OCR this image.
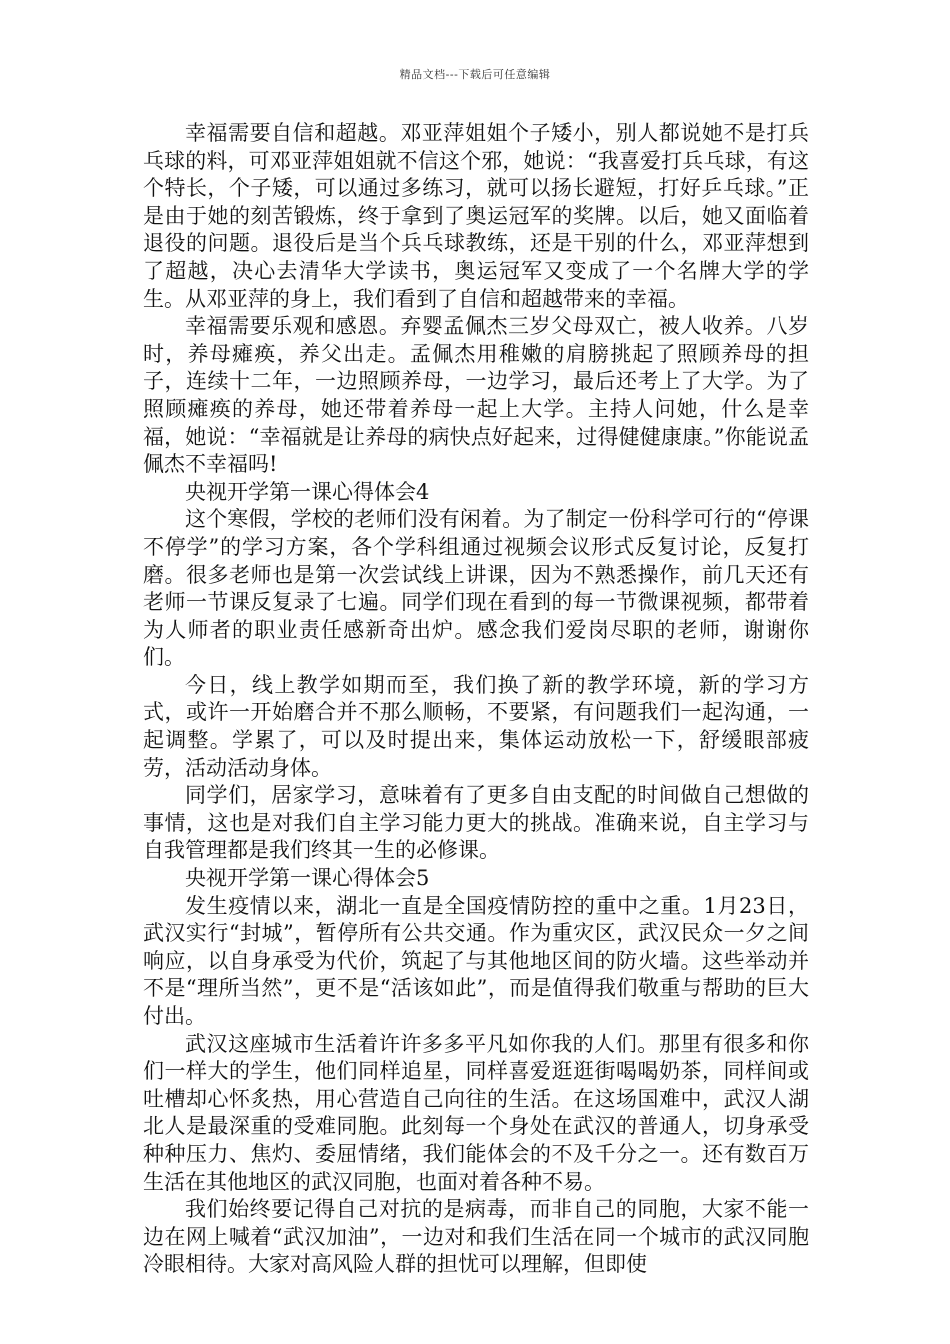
精品文档---下载后可任意编辑

幸福需要自信和超越。邓亚萍姐姐个子矮小，别人都说她不是打兵乓球的料，可邓亚萍姐姐就不信这个邪，她说：“我喜爱打兵乓球，有这个特长，个子矮，可以通过多练习，就可以扬长避短，打好乒乓球。”正是由于她的刻苦锻炼，终于拿到了奥运冠军的奖牌。以后，她又面临着退役的问题。退役后是当个兵乓球教练，还是干别的什么，邓亚萍想到了超越，决心去清华大学读书，奥运冠军又变成了一个名牌大学的学生。从邓亚萍的身上，我们看到了自信和超越带来的幸福。

幸福需要乐观和感恩。弃婴孟佩杰三岁父母双亡，被人收养。八岁时，养母瘫痪，养父出走。孟佩杰用稚嫩的肩膀挑起了照顾养母的担子，连续十二年，一边照顾养母，一边学习，最后还考上了大学。为了照顾瘫痪的养母，她还带着养母一起上大学。主持人问她，什么是幸福，她说：“幸福就是让养母的病快点好起来，过得健健康康。”你能说孟佩杰不幸福吗!

央视开学第一课心得体会4

这个寒假，学校的老师们没有闲着。为了制定一份科学可行的“停课不停学”的学习方案，各个学科组通过视频会议形式反复讨论，反复打磨。很多老师也是第一次尝试线上讲课，因为不熟悉操作，前几天还有老师一节课反复录了七遍。同学们现在看到的每一节微课视频，都带着为人师者的职业责任感新奇出炉。感念我们爱岗尽职的老师，谢谢你们。

今日，线上教学如期而至，我们换了新的教学环境，新的学习方式，或许一开始磨合并不那么顺畅，不要紧，有问题我们一起沟通，一起调整。学累了，可以及时提出来，集体运动放松一下，舒缓眼部疲劳，活动活动身体。

同学们，居家学习，意味着有了更多自由支配的时间做自己想做的事情，这也是对我们自主学习能力更大的挑战。准确来说，自主学习与自我管理都是我们终其一生的必修课。

央视开学第一课心得体会5

发生疫情以来，湖北一直是全国疫情防控的重中之重。1月23日，武汉实行“封城”，暂停所有公共交通。作为重灾区，武汉民众一夕之间响应，以自身承受为代价，筑起了与其他地区间的防火墙。这些举动并不是“理所当然”，更不是“活该如此”，而是值得我们敬重与帮助的巨大付出。

武汉这座城市生活着许许多多平凡如你我的人们。那里有很多和你们一样大的学生，他们同样追星，同样喜爱逛逛街喝喝奶茶，同样间或吐槽却心怀炙热，用心营造自己向往的生活。在这场国难中，武汉人湖北人是最深重的受难同胞。此刻每一个身处在武汉的普通人，切身承受种种压力、焦灼、委屈情绪，我们能体会的不及千分之一。还有数百万生活在其他地区的武汉同胞，也面对着各种不易。

我们始终要记得自己对抗的是病毒，而非自己的同胞，大家不能一边在网上喊着“武汉加油”，一边对和我们生活在同一个城市的武汉同胞冷眼相待。大家对高风险人群的担忧可以理解，但即使
